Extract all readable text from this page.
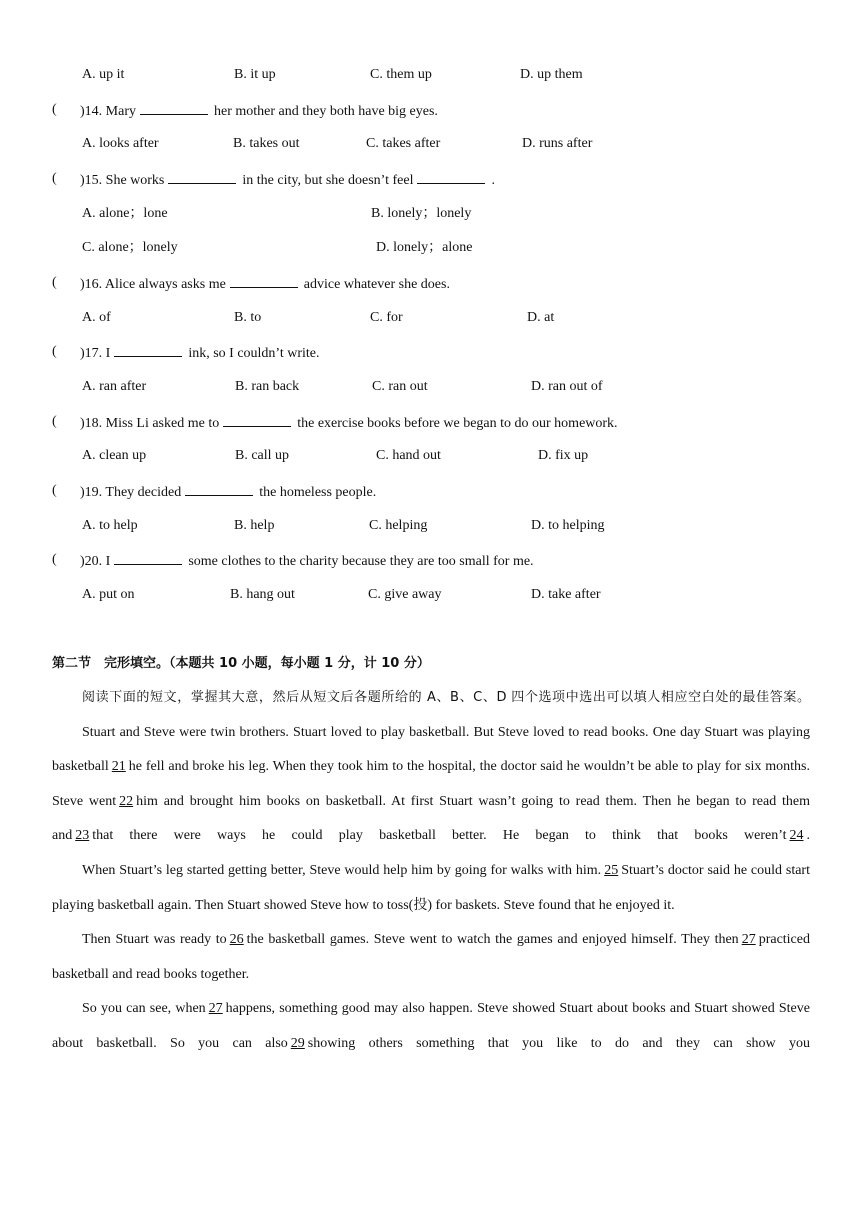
A. up it	B. it up	C. them up	D. up them
( )14. Mary	her mother and they both have big eyes.
A. looks after	B. takes out	C. takes after	D. runs after
( )15. She works	in the city, but she doesn’t feel	.
A. alone；lone	B. lonely；lonely
C. alone；lonely	D. lonely；alone
( )16. Alice always asks me	advice whatever she does.
A. of	B. to	C. for	D. at
( )17. I	ink, so I couldn’t write.
A. ran after	B. ran back	C. ran out	D. ran out of
( )18. Miss Li asked me to	the exercise books before we began to do our homework.
A. clean up	B. call up	C. hand out	D. fix up
( )19. They decided	the homeless people.
A. to help	B. help	C. helping	D. to helping
( )20. I	some clothes to the charity because they are too small for me.
A. put on	B. hang out	C. give away	D. take after
第二节　完形填空。（本题共 10 小题，每小题 1 分，计 10 分）

阅读下面的短文，掌握其大意，然后从短文后各题所给的 A、B、C、D 四个选项中选出可以填人相应空白处的最佳答案。

Stuart and Steve were twin brothers. Stuart loved to play basketball. But Steve loved to read books. One day Stuart was playing basketball 21 he fell and broke his leg. When they took him to the hospital, the doctor said he wouldn’t be able to play for six months. Steve went 22 him and brought him books on basketball. At first Stuart wasn’t going to read them. Then he began to read them and 23 that there were ways he could play basketball better. He began to think that books weren’t 24 .

When Stuart’s leg started getting better, Steve would help him by going for walks with him. 25 Stuart’s doctor said he could start playing basketball again. Then Stuart showed Steve how to toss(投) for baskets. Steve found that he enjoyed it.

Then Stuart was ready to 26 the basketball games. Steve went to watch the games and enjoyed himself. They then 27 practiced basketball and read books together.

So you can see, when 27 happens, something good may also happen. Steve showed Stuart about books and Stuart showed Steve about basketball. So you can also 29 showing others something that you like to do and they can show you
